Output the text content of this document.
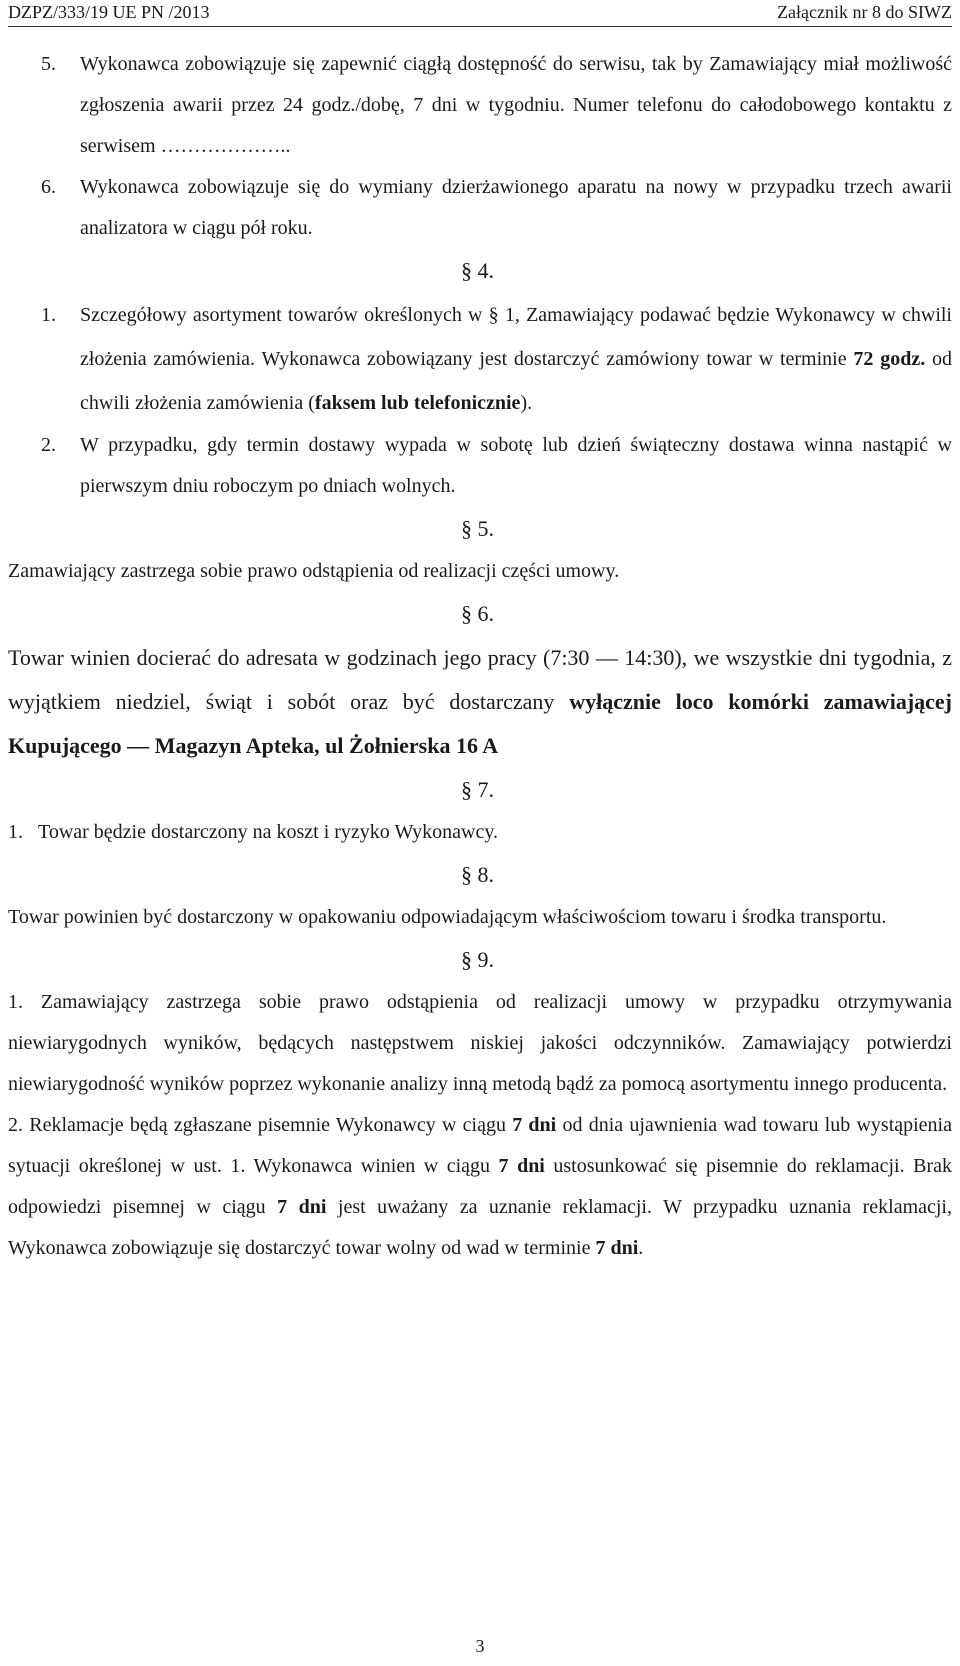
DZPZ/333/19 UE PN /2013	Załącznik nr 8 do SIWZ
5. Wykonawca zobowiązuje się zapewnić ciągłą dostępność do serwisu, tak by Zamawiający miał możliwość zgłoszenia awarii przez 24 godz./dobę, 7 dni w tygodniu. Numer telefonu do całodobowego kontaktu z serwisem ………………..
6. Wykonawca zobowiązuje się do wymiany dzierżawionego aparatu na nowy w przypadku trzech awarii analizatora w ciągu pół roku.
§ 4.
1. Szczegółowy asortyment towarów określonych w § 1, Zamawiający podawać będzie Wykonawcy w chwili złożenia zamówienia. Wykonawca zobowiązany jest dostarczyć zamówiony towar w terminie 72 godz. od chwili złożenia zamówienia (faksem lub telefonicznie).
2. W przypadku, gdy termin dostawy wypada w sobotę lub dzień świąteczny dostawa winna nastąpić w pierwszym dniu roboczym po dniach wolnych.
§ 5.

Zamawiający zastrzega sobie prawo odstąpienia od realizacji części umowy.

§ 6.

Towar winien docierać do adresata w godzinach jego pracy (7:30 — 14:30), we wszystkie dni tygodnia, z wyjątkiem niedziel, świąt i sobót oraz być dostarczany wyłącznie loco komórki zamawiającej Kupującego — Magazyn Apteka, ul Żołnierska 16 A

§ 7.
1. Towar będzie dostarczony na koszt i ryzyko Wykonawcy.
§ 8.

Towar powinien być dostarczony w opakowaniu odpowiadającym właściwościom towaru i środka transportu.

§ 9.

1. Zamawiający zastrzega sobie prawo odstąpienia od realizacji umowy w przypadku otrzymywania niewiarygodnych wyników, będących następstwem niskiej jakości odczynników. Zamawiający potwierdzi niewiarygodność wyników poprzez wykonanie analizy inną metodą bądź za pomocą asortymentu innego producenta.

2. Reklamacje będą zgłaszane pisemnie Wykonawcy w ciągu 7 dni od dnia ujawnienia wad towaru lub wystąpienia sytuacji określonej w ust. 1. Wykonawca winien w ciągu 7 dni ustosunkować się pisemnie do reklamacji. Brak odpowiedzi pisemnej w ciągu 7 dni jest uważany za uznanie reklamacji. W przypadku uznania reklamacji, Wykonawca zobowiązuje się dostarczyć towar wolny od wad w terminie 7 dni.

3
